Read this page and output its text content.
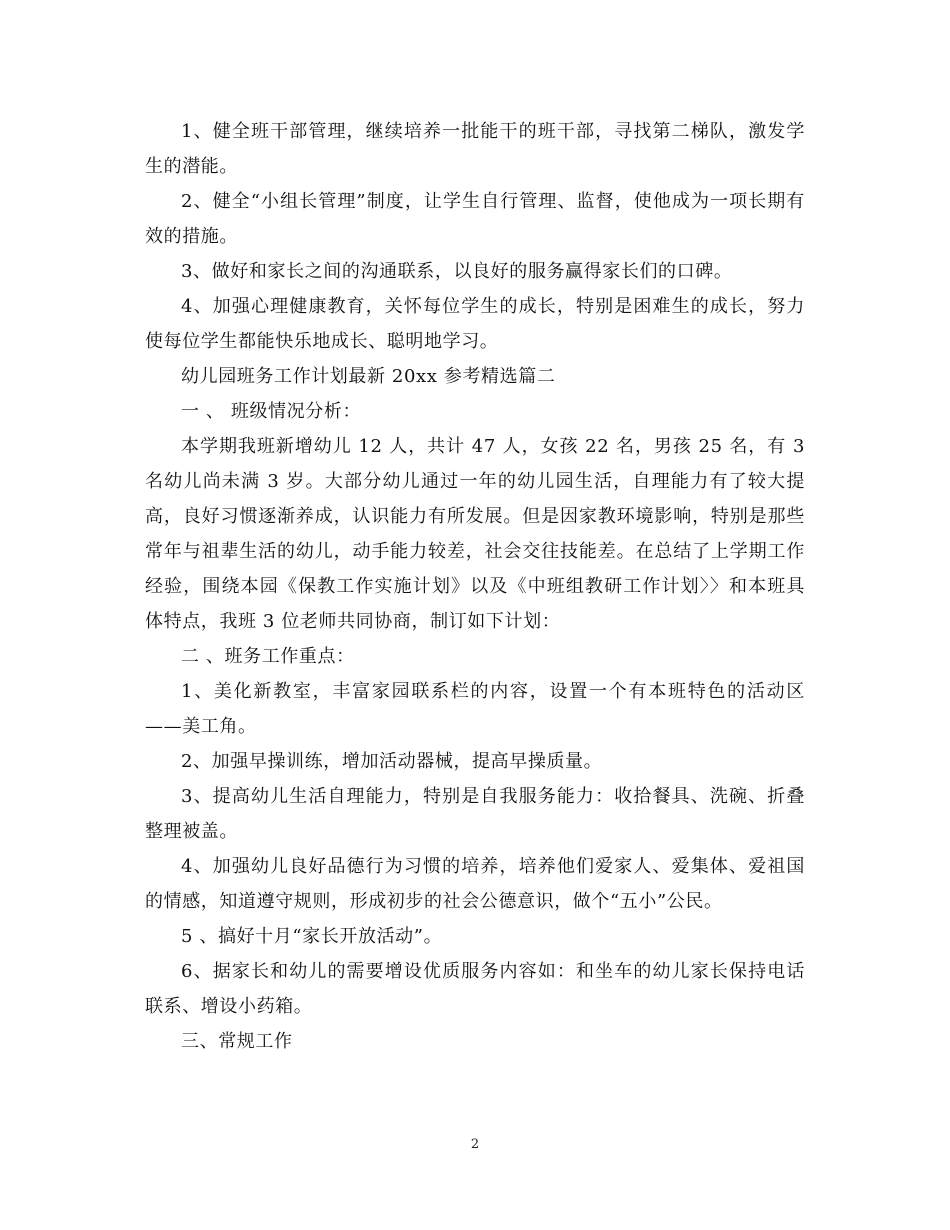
1、健全班干部管理，继续培养一批能干的班干部，寻找第二梯队，激发学生的潜能。

2、健全“小组长管理”制度，让学生自行管理、监督，使他成为一项长期有效的措施。

3、做好和家长之间的沟通联系，以良好的服务赢得家长们的口碑。

4、加强心理健康教育，关怀每位学生的成长，特别是困难生的成长，努力使每位学生都能快乐地成长、聪明地学习。

幼儿园班务工作计划最新 20xx 参考精选篇二

一 、 班级情况分析：

本学期我班新增幼儿 12 人，共计 47 人，女孩 22 名，男孩 25 名，有 3 名幼儿尚未满 3 岁。大部分幼儿通过一年的幼儿园生活，自理能力有了较大提高，良好习惯逐渐养成，认识能力有所发展。但是因家教环境影响，特别是那些常年与祖辈生活的幼儿，动手能力较差，社会交往技能差。在总结了上学期工作经验，围绕本园《保教工作实施计划》以及《中班组教研工作计划〉〉和本班具体特点，我班 3 位老师共同协商，制订如下计划：

二 、班务工作重点：

1、美化新教室，丰富家园联系栏的内容，设置一个有本班特色的活动区——美工角。

2、加强早操训练，增加活动器械，提高早操质量。

3、提高幼儿生活自理能力，特别是自我服务能力：收拾餐具、洗碗、折叠整理被盖。

4、加强幼儿良好品德行为习惯的培养，培养他们爱家人、爱集体、爱祖国的情感，知道遵守规则，形成初步的社会公德意识，做个“五小”公民。

5 、搞好十月“家长开放活动”。

6、据家长和幼儿的需要增设优质服务内容如：和坐车的幼儿家长保持电话联系、增设小药箱。

三、常规工作

2
